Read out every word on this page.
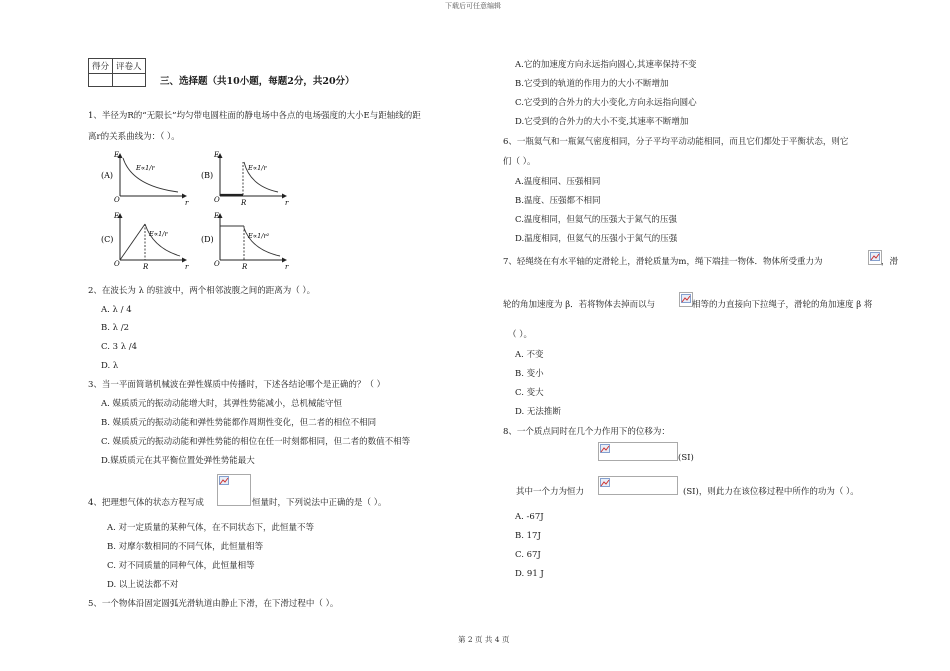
下载后可任意编辑
得分	评卷人

三、选择题（共10小题，每题2分，共20分）
1、半径为R的“无限长”均匀带电圆柱面的静电场中各点的电场强度的大小E与距轴线的距
离r的关系曲线为：（ ）。
(A)
E
O	r
E∝1/r
(B)
E
O	R	r
E∝1/r
(C)
E
O	R	r
E∝1/r
(D)
E
O	R	r
E∝1/r²
2、在波长为 λ 的驻波中，两个相邻波腹之间的距离为（ ）。
A. λ / 4
B. λ /2
C. 3 λ /4
D. λ
3、当一平面简谐机械波在弹性媒质中传播时，下述各结论哪个是正确的？（ ）
A. 媒质质元的振动动能增大时，其弹性势能减小，总机械能守恒
B. 媒质质元的振动动能和弹性势能都作周期性变化，但二者的相位不相同
C. 媒质质元的振动动能和弹性势能的相位在任一时刻都相同，但二者的数值不相等
D.媒质质元在其平衡位置处弹性势能最大
4、把理想气体的状态方程写成	恒量时，下列说法中正确的是（ ）。
A. 对一定质量的某种气体，在不同状态下，此恒量不等
B. 对摩尔数相同的不同气体，此恒量相等
C. 对不同质量的同种气体，此恒量相等
D. 以上说法都不对
5、一个物体沿固定圆弧光滑轨道由静止下滑，在下滑过程中（ ）。
A.它的加速度方向永远指向圆心,其速率保持不变
B.它受到的轨道的作用力的大小不断增加
C.它受到的合外力的大小变化,方向永远指向圆心
D.它受到的合外力的大小不变,其速率不断增加
6、一瓶氦气和一瓶氮气密度相同，分子平均平动动能相同，而且它们都处于平衡状态，则它
们（ ）。
A.温度相同、压强相同
B.温度、压强都不相同
C.温度相同，但氦气的压强大于氮气的压强
D.温度相同，但氦气的压强小于氮气的压强
7、轻绳绕在有水平轴的定滑轮上，滑轮质量为m，绳下端挂一物体．物体所受重力为	，滑
轮的角加速度为 β．若将物体去掉而以与	相等的力直接向下拉绳子，滑轮的角加速度 β 将
（ ）。
A. 不变
B. 变小
C. 变大
D. 无法推断
8、一个质点同时在几个力作用下的位移为：
(SI)
其中一个力为恒力	(SI)，则此力在该位移过程中所作的功为（ ）。
A. -67J
B. 17J
C. 67J
D. 91 J
第 2 页 共 4 页
